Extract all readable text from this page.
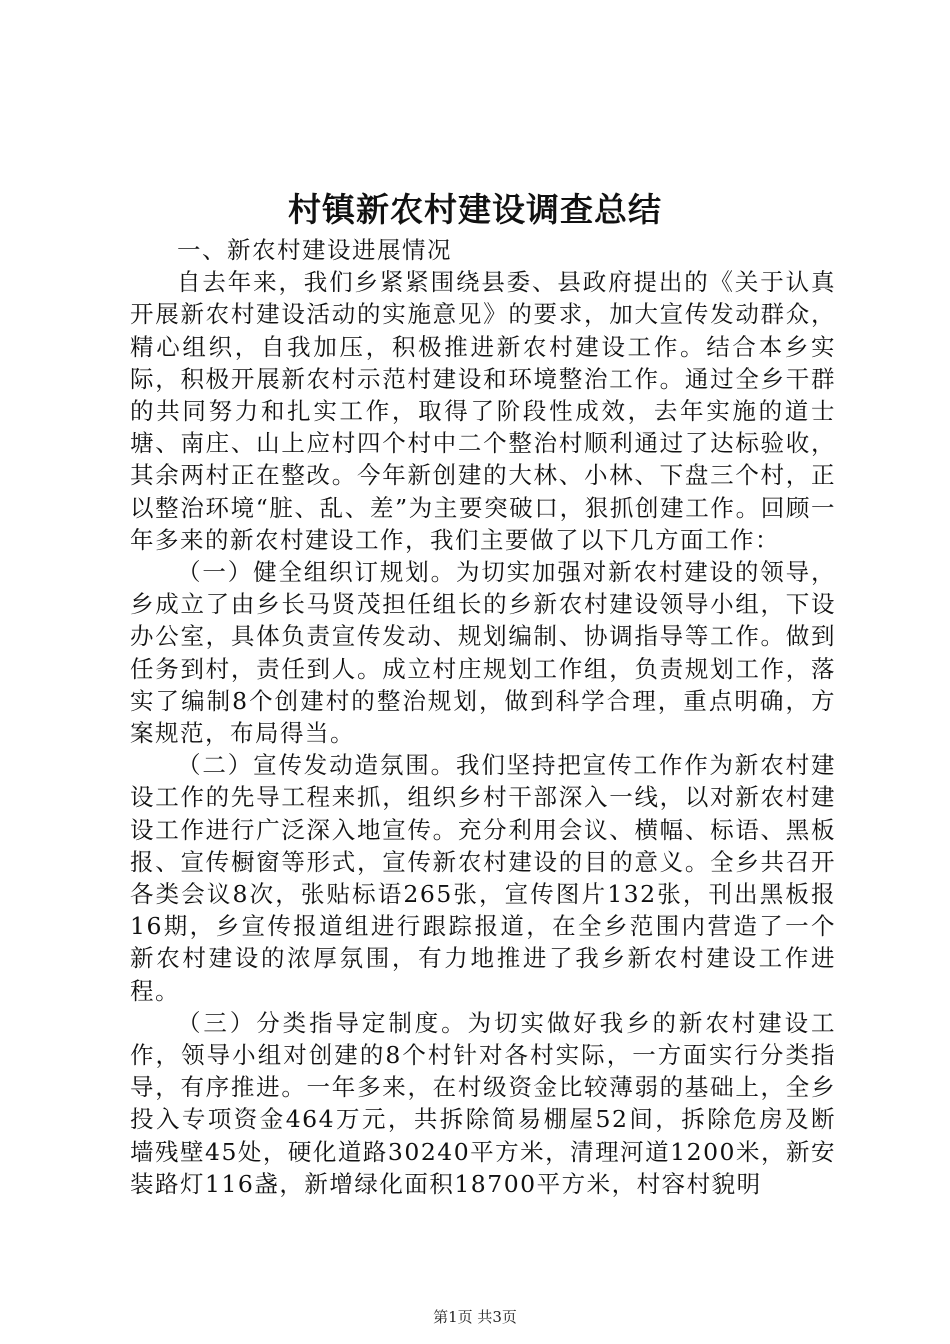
村镇新农村建设调查总结

一、新农村建设进展情况

自去年来，我们乡紧紧围绕县委、县政府提出的《关于认真开展新农村建设活动的实施意见》的要求，加大宣传发动群众，精心组织，自我加压，积极推进新农村建设工作。结合本乡实际，积极开展新农村示范村建设和环境整治工作。通过全乡干群的共同努力和扎实工作，取得了阶段性成效，去年实施的道士塘、南庄、山上应村四个村中二个整治村顺利通过了达标验收，其余两村正在整改。今年新创建的大林、小林、下盘三个村，正以整治环境“脏、乱、差”为主要突破口，狠抓创建工作。回顾一年多来的新农村建设工作，我们主要做了以下几方面工作：

（一）健全组织订规划。为切实加强对新农村建设的领导，乡成立了由乡长马贤茂担任组长的乡新农村建设领导小组，下设办公室，具体负责宣传发动、规划编制、协调指导等工作。做到任务到村，责任到人。成立村庄规划工作组，负责规划工作，落实了编制8个创建村的整治规划，做到科学合理，重点明确，方案规范，布局得当。

（二）宣传发动造氛围。我们坚持把宣传工作作为新农村建设工作的先导工程来抓，组织乡村干部深入一线，以对新农村建设工作进行广泛深入地宣传。充分利用会议、横幅、标语、黑板报、宣传橱窗等形式，宣传新农村建设的目的意义。全乡共召开各类会议8次，张贴标语265张，宣传图片132张，刊出黑板报16期，乡宣传报道组进行跟踪报道，在全乡范围内营造了一个新农村建设的浓厚氛围，有力地推进了我乡新农村建设工作进程。

（三）分类指导定制度。为切实做好我乡的新农村建设工作，领导小组对创建的8个村针对各村实际，一方面实行分类指导，有序推进。一年多来，在村级资金比较薄弱的基础上，全乡投入专项资金464万元，共拆除简易棚屋52间，拆除危房及断墙残壁45处，硬化道路30240平方米，清理河道1200米，新安装路灯116盏，新增绿化面积18700平方米，村容村貌明

第1页 共3页
